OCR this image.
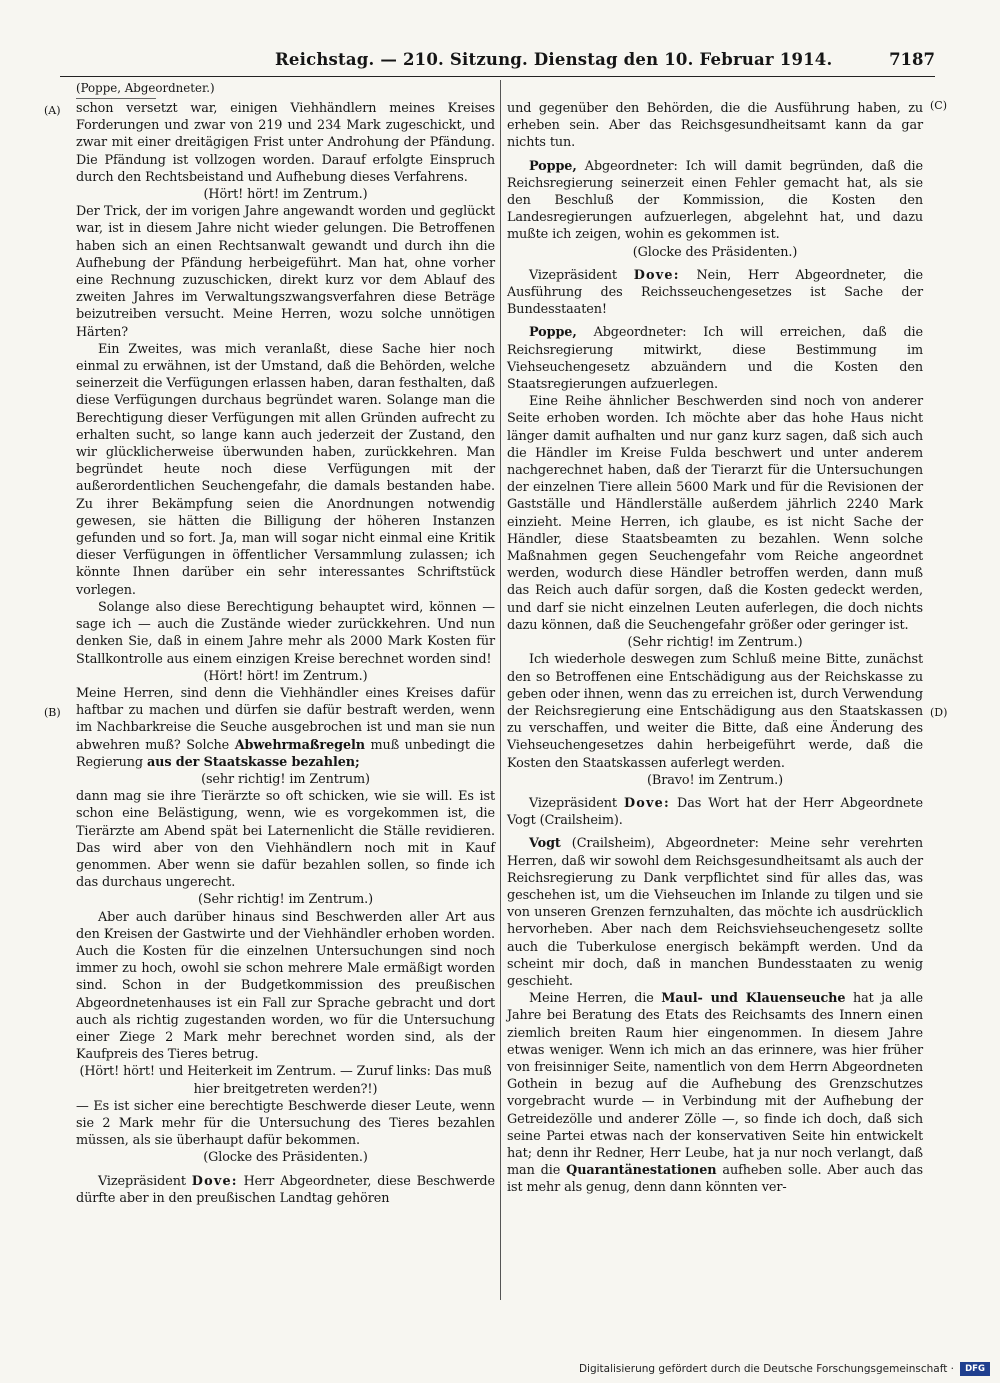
Reichstag. — 210. Sitzung. Dienstag den 10. Februar 1914.	7187
(Poppe, Abgeordneter.)
(A)
(B)
(C)
(D)

schon versetzt war, einigen Viehhändlern meines Kreises Forderungen und zwar von 219 und 234 Mark zugeschickt, und zwar mit einer dreitägigen Frist unter Androhung der Pfändung. Die Pfändung ist vollzogen worden. Darauf erfolgte Einspruch durch den Rechtsbeistand und Aufhebung dieses Verfahrens.

(Hört! hört! im Zentrum.)

Der Trick, der im vorigen Jahre angewandt worden und geglückt war, ist in diesem Jahre nicht wieder gelungen. Die Betroffenen haben sich an einen Rechtsanwalt gewandt und durch ihn die Aufhebung der Pfändung herbeigeführt. Man hat, ohne vorher eine Rechnung zuzuschicken, direkt kurz vor dem Ablauf des zweiten Jahres im Verwaltungszwangsverfahren diese Beträge beizutreiben versucht. Meine Herren, wozu solche unnötigen Härten?

Ein Zweites, was mich veranlaßt, diese Sache hier noch einmal zu erwähnen, ist der Umstand, daß die Behörden, welche seinerzeit die Verfügungen erlassen haben, daran festhalten, daß diese Verfügungen durchaus begründet waren. Solange man die Berechtigung dieser Verfügungen mit allen Gründen aufrecht zu erhalten sucht, so lange kann auch jederzeit der Zustand, den wir glücklicherweise überwunden haben, zurückkehren. Man begründet heute noch diese Verfügungen mit der außerordentlichen Seuchengefahr, die damals bestanden habe. Zu ihrer Bekämpfung seien die Anordnungen notwendig gewesen, sie hätten die Billigung der höheren Instanzen gefunden und so fort. Ja, man will sogar nicht einmal eine Kritik dieser Verfügungen in öffentlicher Versammlung zulassen; ich könnte Ihnen darüber ein sehr interessantes Schriftstück vorlegen.

Solange also diese Berechtigung behauptet wird, können — sage ich — auch die Zustände wieder zurückkehren. Und nun denken Sie, daß in einem Jahre mehr als 2000 Mark Kosten für Stallkontrolle aus einem einzigen Kreise berechnet worden sind!

(Hört! hört! im Zentrum.)

Meine Herren, sind denn die Viehhändler eines Kreises dafür haftbar zu machen und dürfen sie dafür bestraft werden, wenn im Nachbarkreise die Seuche ausgebrochen ist und man sie nun abwehren muß? Solche Abwehrmaßregeln muß unbedingt die Regierung aus der Staatskasse bezahlen;

(sehr richtig! im Zentrum)

dann mag sie ihre Tierärzte so oft schicken, wie sie will. Es ist schon eine Belästigung, wenn, wie es vorgekommen ist, die Tierärzte am Abend spät bei Laternenlicht die Ställe revidieren. Das wird aber von den Viehhändlern noch mit in Kauf genommen. Aber wenn sie dafür bezahlen sollen, so finde ich das durchaus ungerecht.

(Sehr richtig! im Zentrum.)

Aber auch darüber hinaus sind Beschwerden aller Art aus den Kreisen der Gastwirte und der Viehhändler erhoben worden. Auch die Kosten für die einzelnen Untersuchungen sind noch immer zu hoch, owohl sie schon mehrere Male ermäßigt worden sind. Schon in der Budgetkommission des preußischen Abgeordnetenhauses ist ein Fall zur Sprache gebracht und dort auch als richtig zugestanden worden, wo für die Untersuchung einer Ziege 2 Mark mehr berechnet worden sind, als der Kaufpreis des Tieres betrug.

(Hört! hört! und Heiterkeit im Zentrum. — Zuruf links: Das muß hier breitgetreten werden?!)

— Es ist sicher eine berechtigte Beschwerde dieser Leute, wenn sie 2 Mark mehr für die Untersuchung des Tieres bezahlen müssen, als sie überhaupt dafür bekommen.

(Glocke des Präsidenten.)

Vizepräsident Dove: Herr Abgeordneter, diese Beschwerde dürfte aber in den preußischen Landtag gehören

und gegenüber den Behörden, die die Ausführung haben, zu erheben sein. Aber das Reichsgesundheitsamt kann da gar nichts tun.

Poppe, Abgeordneter: Ich will damit begründen, daß die Reichsregierung seinerzeit einen Fehler gemacht hat, als sie den Beschluß der Kommission, die Kosten den Landesregierungen aufzuerlegen, abgelehnt hat, und dazu mußte ich zeigen, wohin es gekommen ist.

(Glocke des Präsidenten.)

Vizepräsident Dove: Nein, Herr Abgeordneter, die Ausführung des Reichsseuchengesetzes ist Sache der Bundesstaaten!

Poppe, Abgeordneter: Ich will erreichen, daß die Reichsregierung mitwirkt, diese Bestimmung im Viehseuchengesetz abzuändern und die Kosten den Staatsregierungen aufzuerlegen.

Eine Reihe ähnlicher Beschwerden sind noch von anderer Seite erhoben worden. Ich möchte aber das hohe Haus nicht länger damit aufhalten und nur ganz kurz sagen, daß sich auch die Händler im Kreise Fulda beschwert und unter anderem nachgerechnet haben, daß der Tierarzt für die Untersuchungen der einzelnen Tiere allein 5600 Mark und für die Revisionen der Gastställe und Händlerställe außerdem jährlich 2240 Mark einzieht. Meine Herren, ich glaube, es ist nicht Sache der Händler, diese Staatsbeamten zu bezahlen. Wenn solche Maßnahmen gegen Seuchengefahr vom Reiche angeordnet werden, wodurch diese Händler betroffen werden, dann muß das Reich auch dafür sorgen, daß die Kosten gedeckt werden, und darf sie nicht einzelnen Leuten auferlegen, die doch nichts dazu können, daß die Seuchengefahr größer oder geringer ist.

(Sehr richtig! im Zentrum.)

Ich wiederhole deswegen zum Schluß meine Bitte, zunächst den so Betroffenen eine Entschädigung aus der Reichskasse zu geben oder ihnen, wenn das zu erreichen ist, durch Verwendung der Reichsregierung eine Entschädigung aus den Staatskassen zu verschaffen, und weiter die Bitte, daß eine Änderung des Viehseuchengesetzes dahin herbeigeführt werde, daß die Kosten den Staatskassen auferlegt werden.

(Bravo! im Zentrum.)

Vizepräsident Dove: Das Wort hat der Herr Abgeordnete Vogt (Crailsheim).

Vogt (Crailsheim), Abgeordneter: Meine sehr verehrten Herren, daß wir sowohl dem Reichsgesundheitsamt als auch der Reichsregierung zu Dank verpflichtet sind für alles das, was geschehen ist, um die Viehseuchen im Inlande zu tilgen und sie von unseren Grenzen fernzuhalten, das möchte ich ausdrücklich hervorheben. Aber nach dem Reichsviehseuchengesetz sollte auch die Tuberkulose energisch bekämpft werden. Und da scheint mir doch, daß in manchen Bundesstaaten zu wenig geschieht.

Meine Herren, die Maul- und Klauenseuche hat ja alle Jahre bei Beratung des Etats des Reichsamts des Innern einen ziemlich breiten Raum hier eingenommen. In diesem Jahre etwas weniger. Wenn ich mich an das erinnere, was hier früher von freisinniger Seite, namentlich von dem Herrn Abgeordneten Gothein in bezug auf die Aufhebung des Grenzschutzes vorgebracht wurde — in Verbindung mit der Aufhebung der Getreidezölle und anderer Zölle —, so finde ich doch, daß sich seine Partei etwas nach der konservativen Seite hin entwickelt hat; denn ihr Redner, Herr Leube, hat ja nur noch verlangt, daß man die Quarantänestationen aufheben solle. Aber auch das ist mehr als genug, denn dann könnten ver-

Digitalisierung gefördert durch die Deutsche Forschungsgemeinschaft ·	DFG
